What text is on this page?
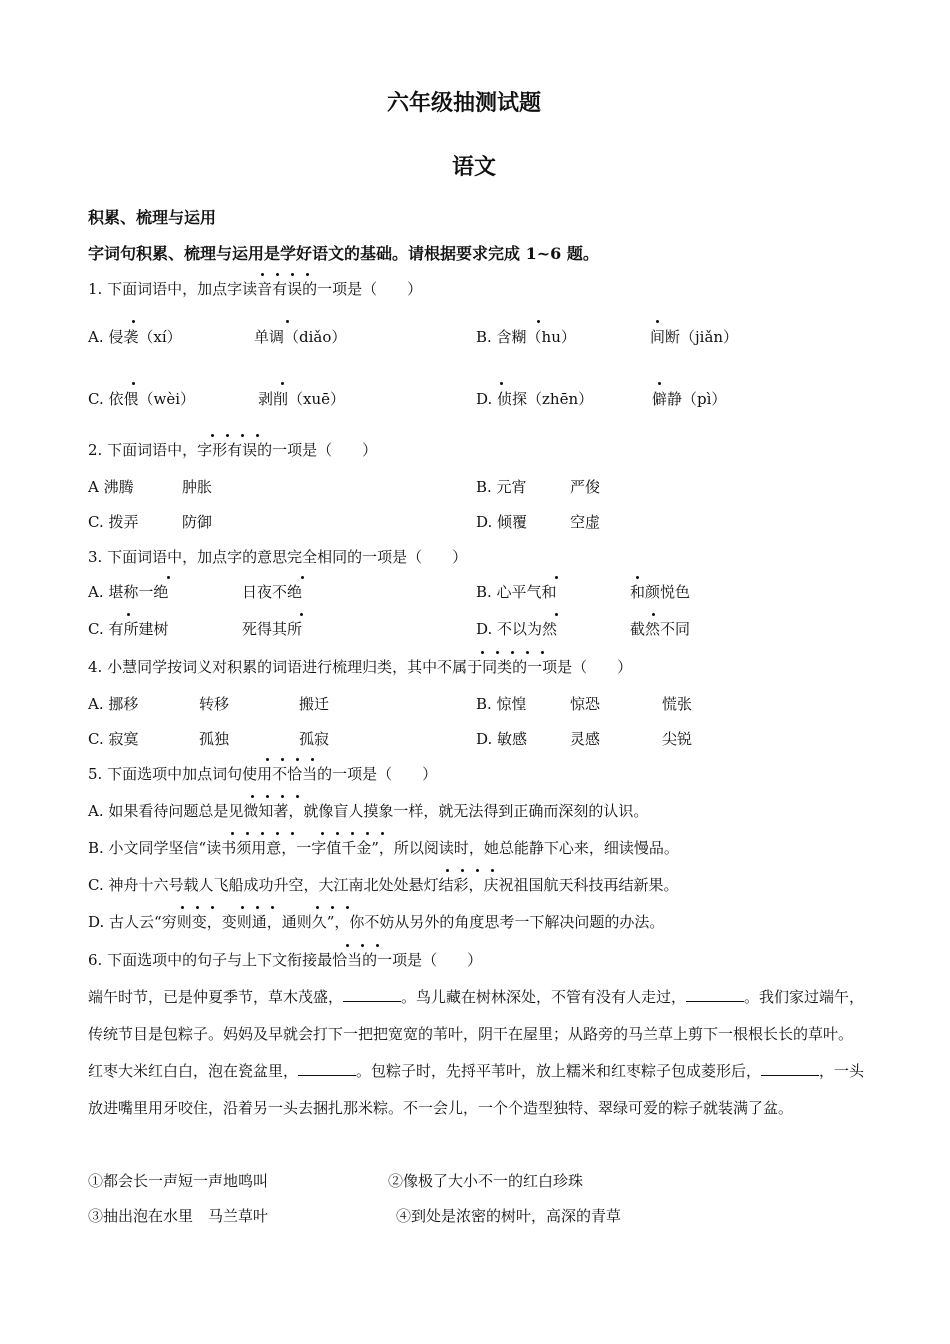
六年级抽测试题
语文
积累、梳理与运用
字词句积累、梳理与运用是学好语文的基础。请根据要求完成 1~6 题。
1. 下面词语中，加点字读音有误的一项是（　　）
A. 侵袭（xí）	单调（diǎo）	B. 含糊（hu）	间断（jiǎn）
C. 依偎（wèi）	剥削（xuē）	D. 侦探（zhēn）	僻静（pì）
2. 下面词语中，字形有误的一项是（　　）
A 沸腾	肿胀	B. 元宵	严俊
C. 拨弄	防御	D. 倾覆	空虚
3. 下面词语中，加点字的意思完全相同的一项是（　　）
A. 堪称一绝	日夜不绝	B. 心平气和	和颜悦色
C. 有所建树	死得其所	D. 不以为然	截然不同
4. 小慧同学按词义对积累的词语进行梳理归类，其中不属于同类的一项是（　　）
A. 挪移	转移	搬迁	B. 惊惶	惊恐	慌张
C. 寂寞	孤独	孤寂	D. 敏感	灵感	尖锐
5. 下面选项中加点词句使用不恰当的一项是（　　）
A. 如果看待问题总是见微知著，就像盲人摸象一样，就无法得到正确而深刻的认识。
B. 小文同学坚信“读书须用意，一字值千金”，所以阅读时，她总能静下心来，细读慢品。
C. 神舟十六号载人飞船成功升空，大江南北处处悬灯结彩，庆祝祖国航天科技再结新果。
D. 古人云“穷则变，变则通，通则久”，你不妨从另外的角度思考一下解决问题的办法。
6. 下面选项中的句子与上下文衔接最恰当的一项是（　　）
端午时节，已是仲夏季节，草木茂盛，	。鸟儿藏在树林深处，不管有没有人走过，	。我们家过端午，传统节目是包粽子。妈妈及早就会打下一把把宽宽的苇叶，阴干在屋里；从路旁的马兰草上剪下一根根长长的草叶。红枣大米红白白，泡在瓷盆里，	。包粽子时，先捋平苇叶，放上糯米和红枣粽子包成菱形后，	，一头放进嘴里用牙咬住，沿着另一头去捆扎那米粽。不一会儿，一个个造型独特、翠绿可爱的粽子就装满了盆。
①都会长一声短一声地鸣叫	②像极了大小不一的红白珍珠
③抽出泡在水里　马兰草叶	④到处是浓密的树叶，高深的青草
